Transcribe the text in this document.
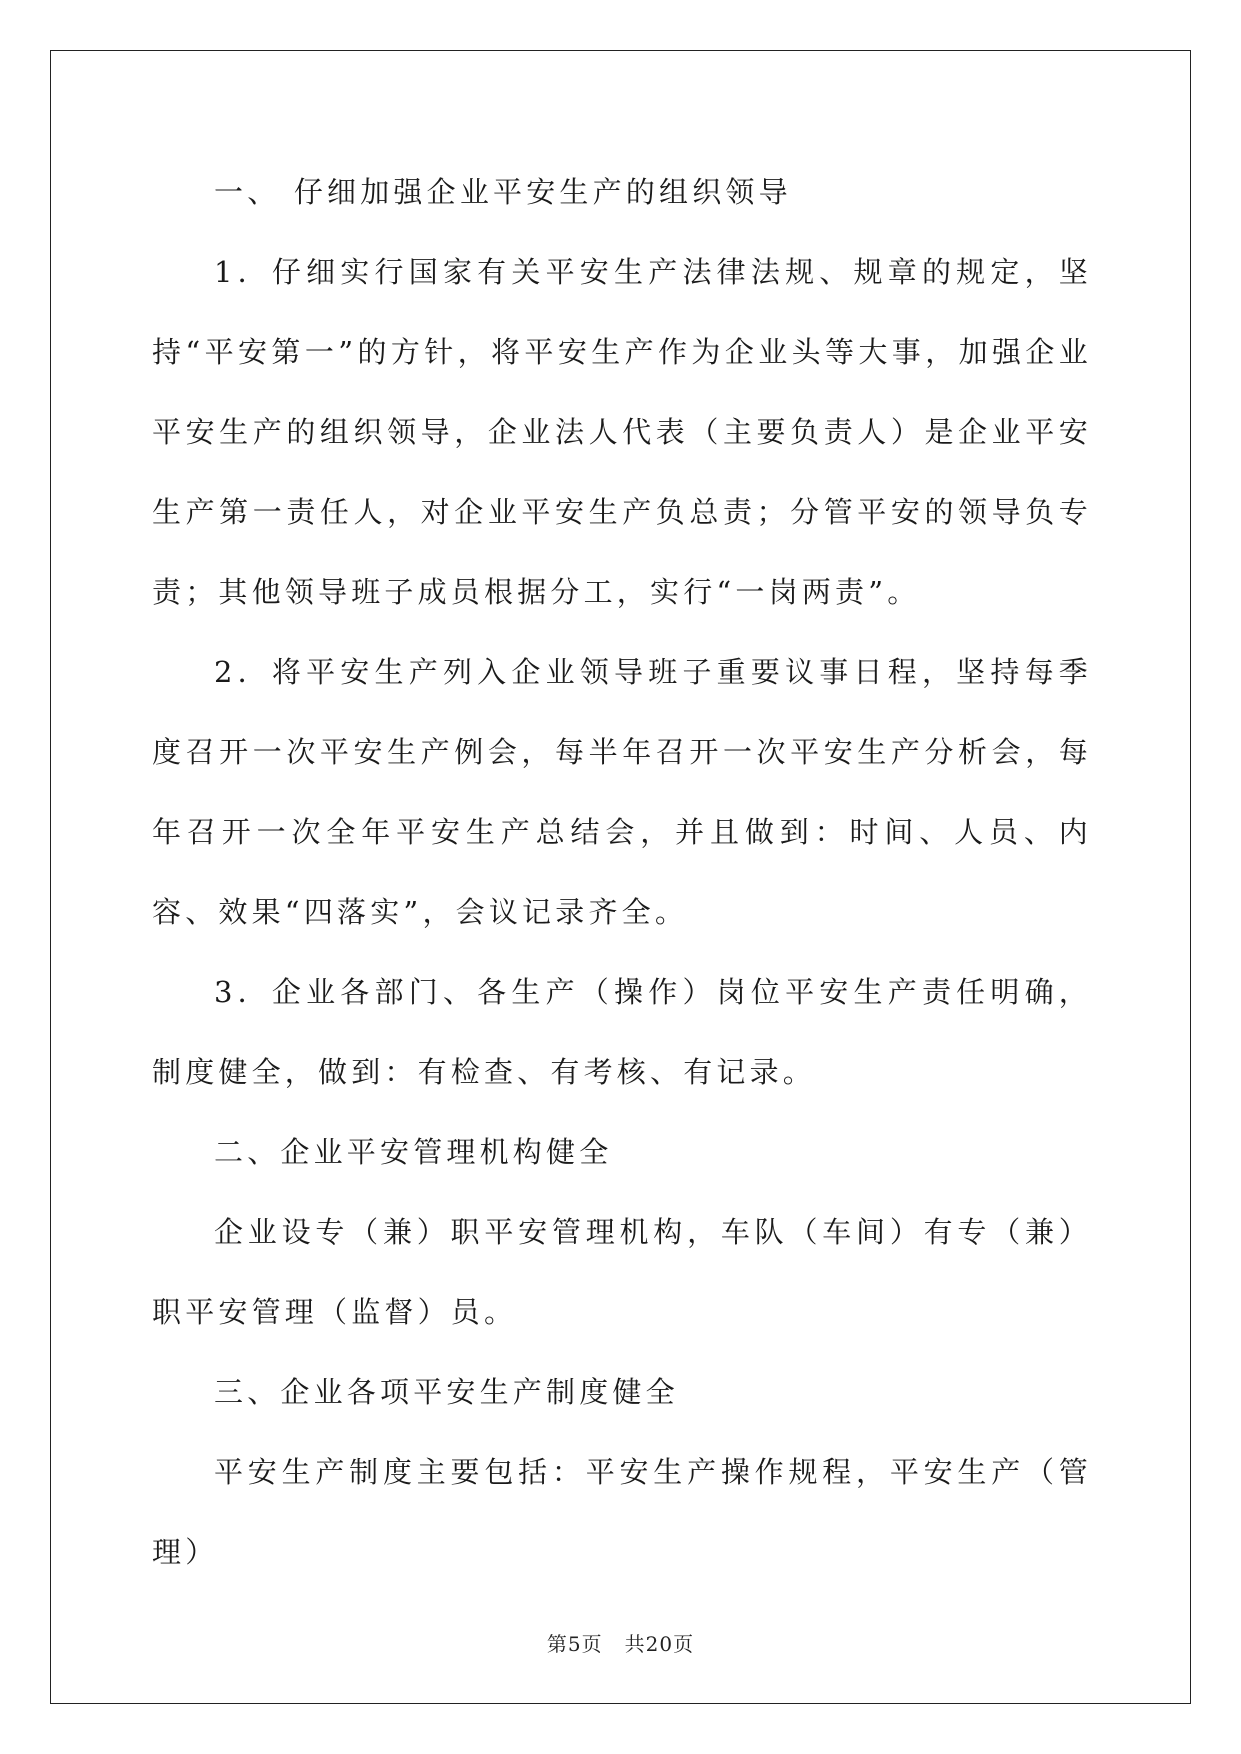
一、 仔细加强企业平安生产的组织领导

1．仔细实行国家有关平安生产法律法规、规章的规定，坚持“平安第一”的方针，将平安生产作为企业头等大事，加强企业平安生产的组织领导，企业法人代表（主要负责人）是企业平安生产第一责任人，对企业平安生产负总责；分管平安的领导负专责；其他领导班子成员根据分工，实行“一岗两责”。

2．将平安生产列入企业领导班子重要议事日程，坚持每季度召开一次平安生产例会，每半年召开一次平安生产分析会，每年召开一次全年平安生产总结会，并且做到：时间、人员、内容、效果“四落实”，会议记录齐全。

3．企业各部门、各生产（操作）岗位平安生产责任明确，制度健全，做到：有检查、有考核、有记录。

二、企业平安管理机构健全

企业设专（兼）职平安管理机构，车队（车间）有专（兼）职平安管理（监督）员。

三、企业各项平安生产制度健全

平安生产制度主要包括：平安生产操作规程，平安生产（管理）

第5页 共20页
